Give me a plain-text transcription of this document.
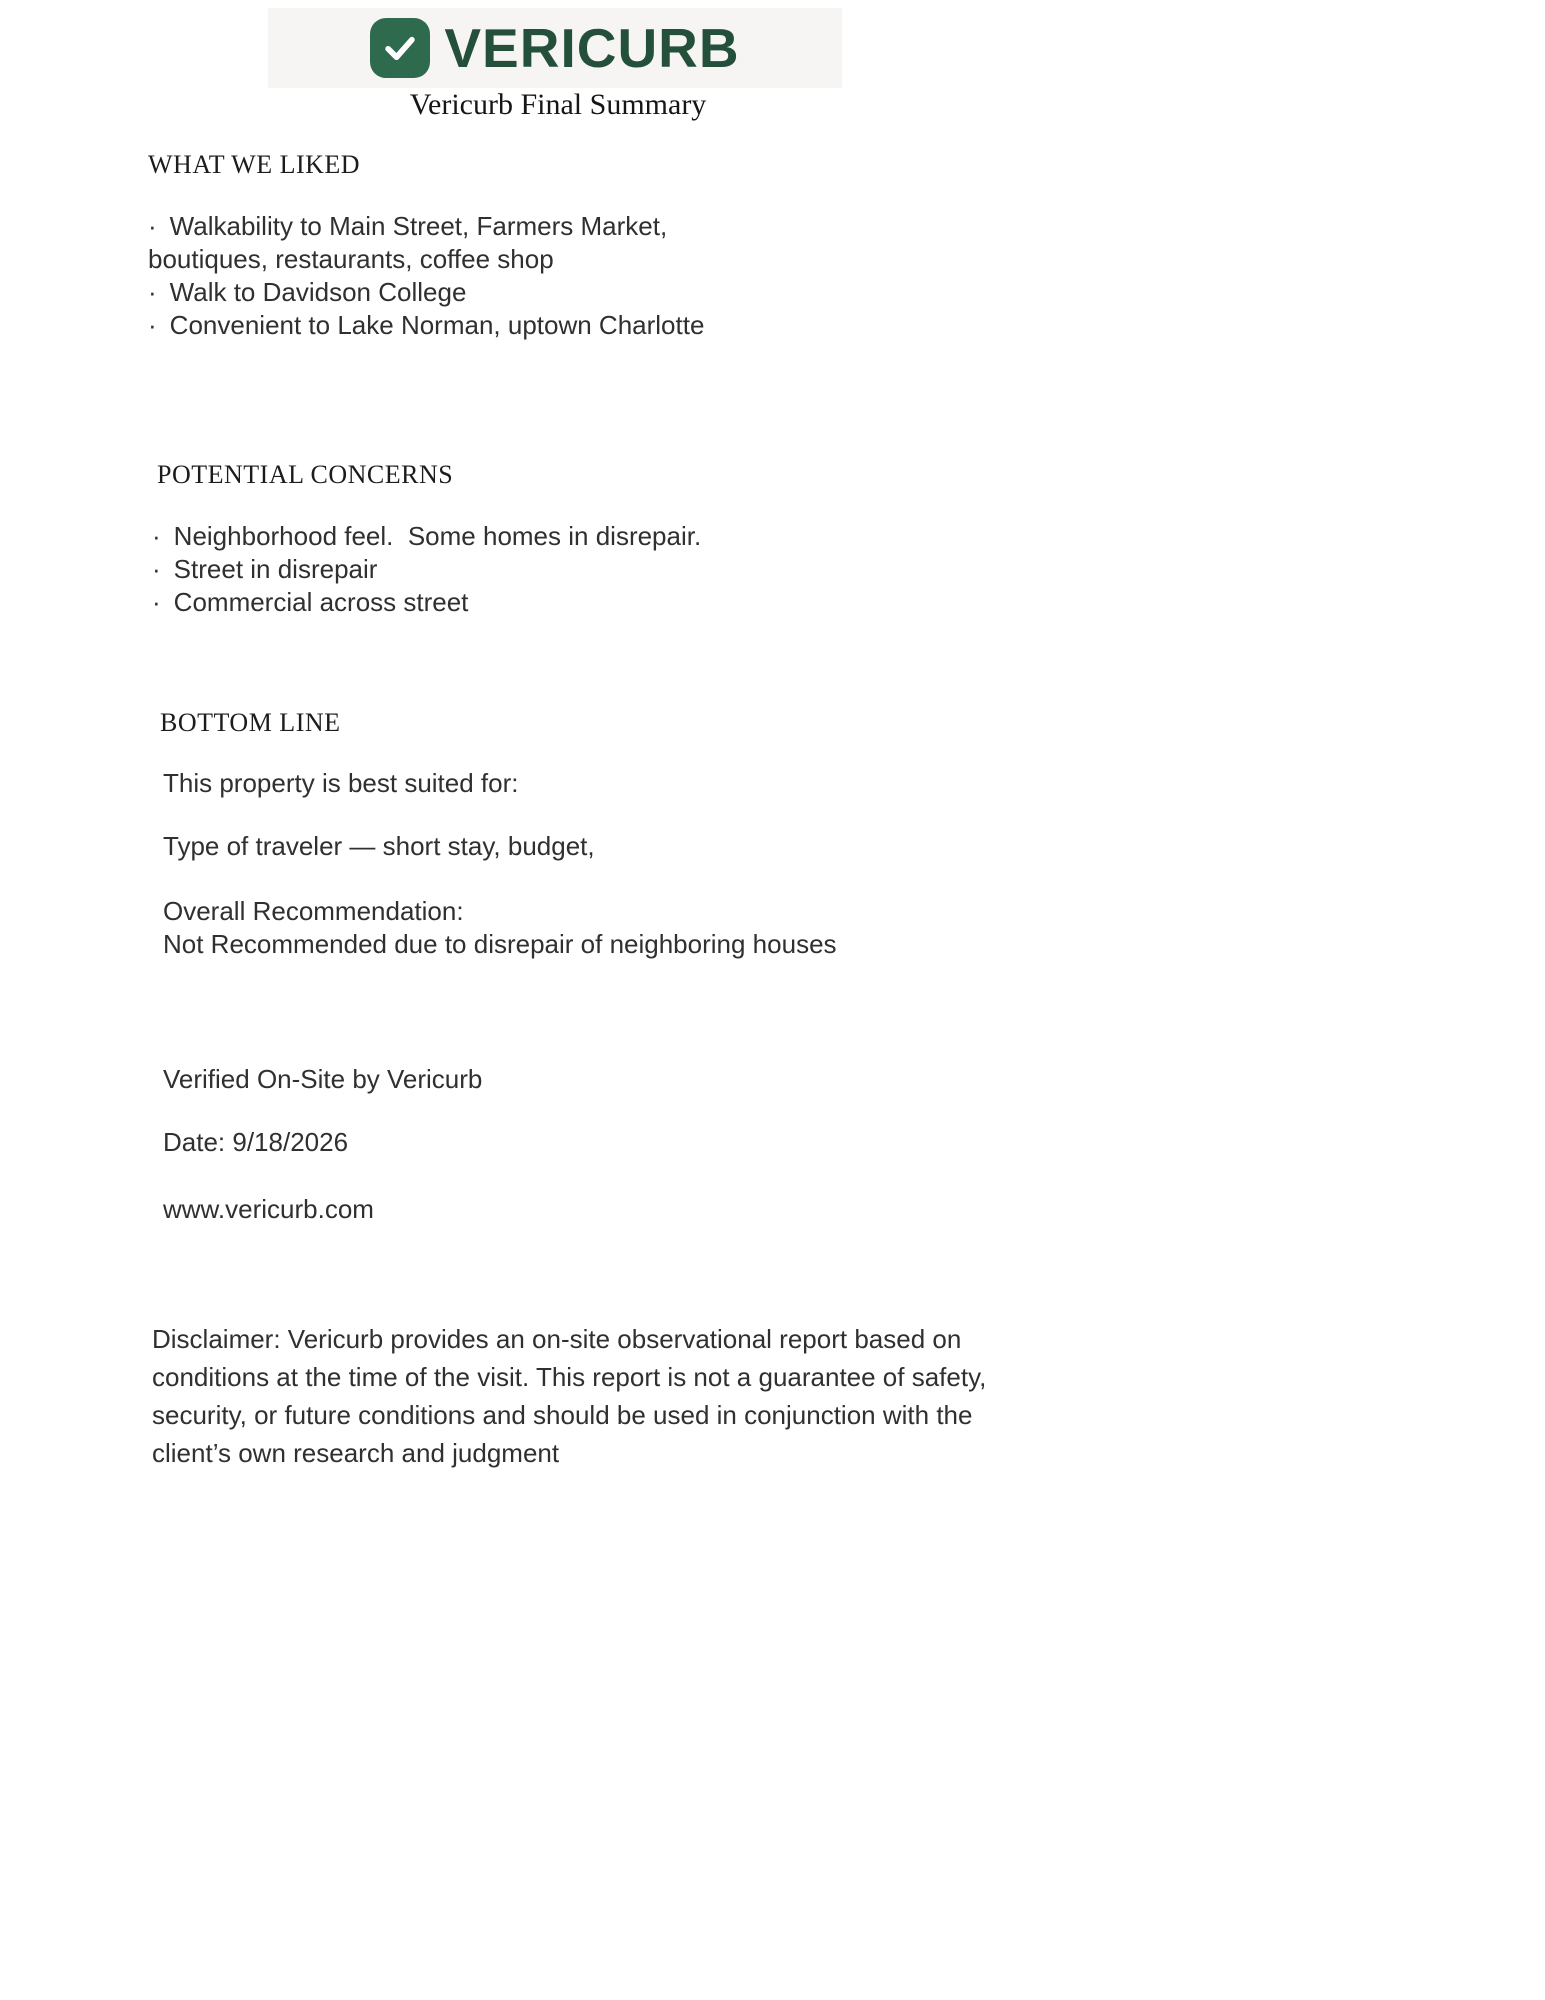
VERICURB
Vericurb Final Summary
WHAT WE LIKED
· Walkability to Main Street, Farmers Market, boutiques, restaurants, coffee shop
· Walk to Davidson College
· Convenient to Lake Norman, uptown Charlotte
POTENTIAL CONCERNS
· Neighborhood feel.  Some homes in disrepair.
· Street in disrepair
· Commercial across street
BOTTOM LINE
This property is best suited for:
Type of traveler — short stay, budget,
Overall Recommendation:
Not Recommended due to disrepair of neighboring houses
Verified On-Site by Vericurb
Date: 9/18/2026
www.vericurb.com
Disclaimer: Vericurb provides an on-site observational report based on conditions at the time of the visit. This report is not a guarantee of safety, security, or future conditions and should be used in conjunction with the client’s own research and judgment
